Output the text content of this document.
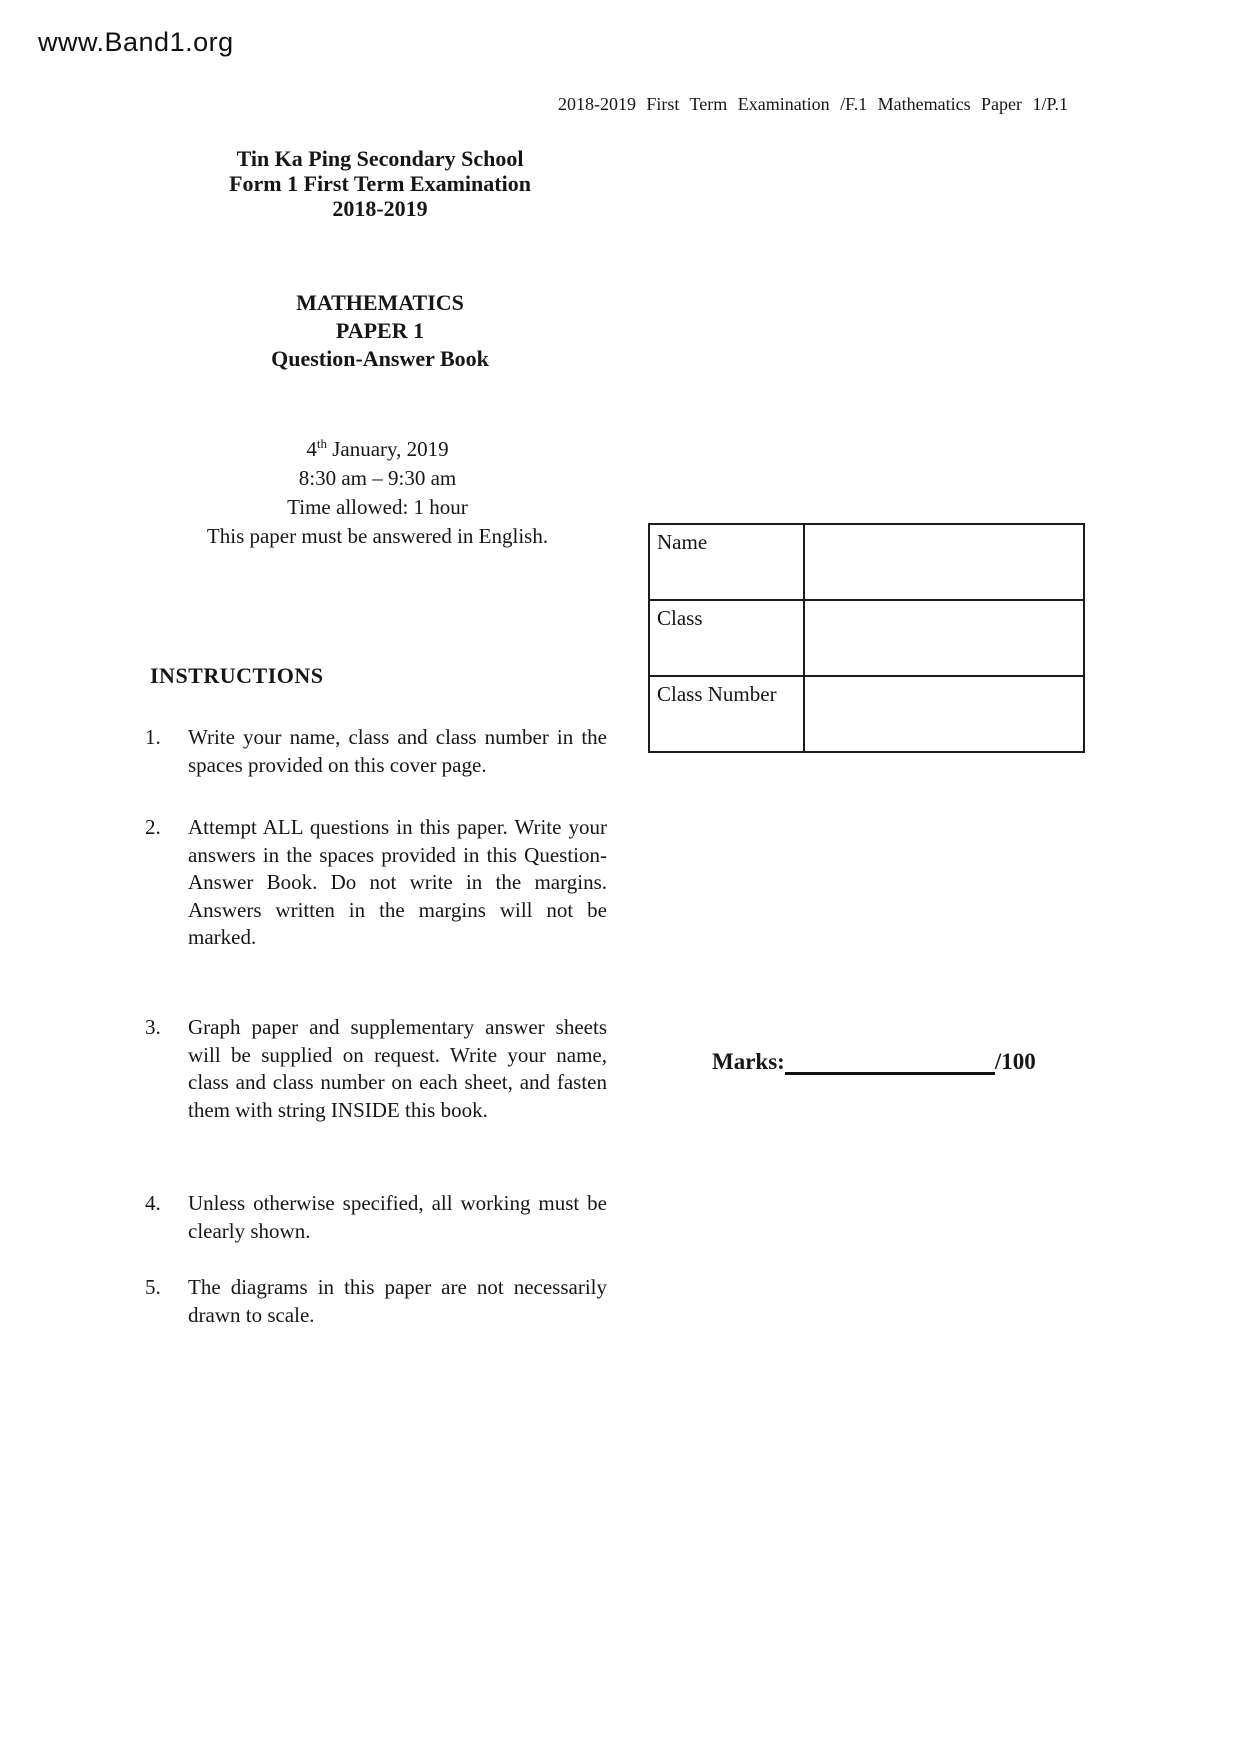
www.Band1.org
2018-2019 First Term Examination /F.1 Mathematics Paper 1/P.1
Tin Ka Ping Secondary School
Form 1 First Term Examination
2018-2019
MATHEMATICS
PAPER 1
Question-Answer Book
4th January, 2019
8:30 am – 9:30 am
Time allowed: 1 hour
This paper must be answered in English.	Name	
Class	
Class Number	
INSTRUCTIONS
1.	Write your name, class and class number in the spaces provided on this cover page.
2.	Attempt ALL questions in this paper. Write your answers in the spaces provided in this Question-Answer Book. Do not write in the margins. Answers written in the margins will not be marked.
3.	Graph paper and supplementary answer sheets will be supplied on request. Write your name, class and class number on each sheet, and fasten them with string INSIDE this book.
4.	Unless otherwise specified, all working must be clearly shown.
5.	The diagrams in this paper are not necessarily drawn to scale.
Marks:	/100
